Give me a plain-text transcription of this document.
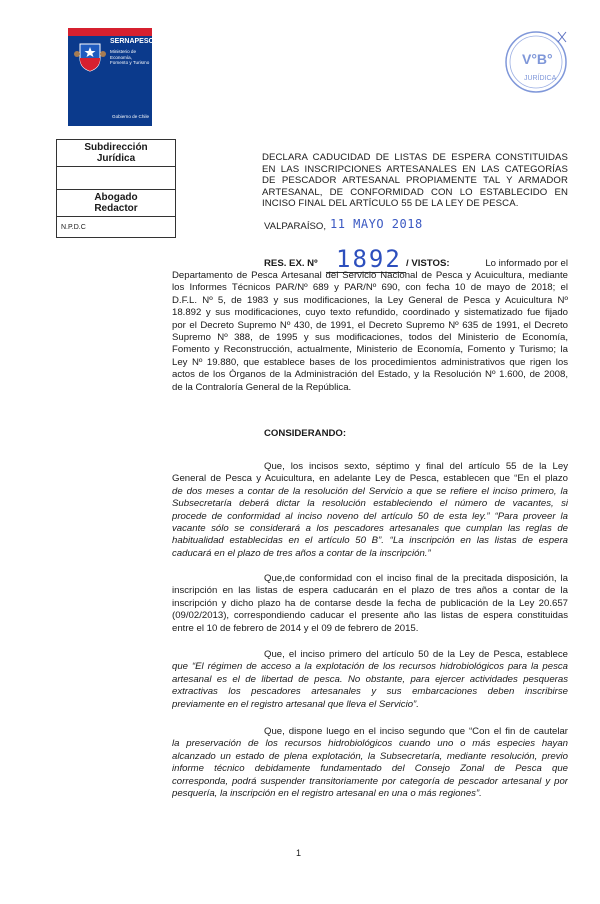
SERNAPESCA
Ministerio de Economía, Fomento y Turismo
Gobierno de Chile
V°B°
JURÍDICA
Subdirección Jurídica

Abogado Redactor
N.P.D.C
DECLARA CADUCIDAD DE LISTAS DE ESPERA CONSTITUIDAS EN LAS INSCRIPCIONES ARTESANALES EN LAS CATEGORÍAS DE PESCADOR ARTESANAL PROPIAMENTE TAL Y ARMADOR ARTESANAL, DE CONFORMIDAD CON LO ESTABLECIDO EN INCISO FINAL DEL ARTÍCULO 55 DE LA LEY DE PESCA.
VALPARAÍSO, 11 MAYO 2018
RES. EX. Nº 1892 / VISTOS:	Lo informado por el
Departamento de Pesca Artesanal del Servicio Nacional de Pesca y Acuicultura, mediante
los Informes Técnicos PAR/Nº 689 y PAR/Nº 690, con fecha 10 de mayo de 2018; el
D.F.L. Nº 5, de 1983 y sus modificaciones, la Ley General de Pesca y Acuicultura Nº
18.892 y sus modificaciones, cuyo texto refundido, coordinado y sistematizado fue fijado
por el Decreto Supremo Nº 430, de 1991, el Decreto Supremo Nº 635 de 1991, el Decreto
Supremo Nº 388, de 1995 y sus modificaciones, todos del Ministerio de Economía,
Fomento y Reconstrucción, actualmente, Ministerio de Economía, Fomento y Turismo; la
Ley Nº 19.880, que establece bases de los procedimientos administrativos que rigen los
actos de los Órganos de la Administración del Estado, y la Resolución Nº 1.600, de 2008,
de la Contraloría General de la República.
CONSIDERANDO:
Que, los incisos sexto, séptimo y final del artículo 55 de la Ley
General de Pesca y Acuicultura, en adelante Ley de Pesca, establecen que “En el plazo
de dos meses a contar de la resolución del Servicio a que se refiere el inciso primero, la
Subsecretaría deberá dictar la resolución estableciendo el número de vacantes, si
procede de conformidad al inciso noveno del artículo 50 de esta ley.” “Para proveer la
vacante sólo se considerará a los pescadores artesanales que cumplan las reglas de
habitualidad establecidas en el artículo 50 B”. “La inscripción en las listas de espera
caducará en el plazo de tres años a contar de la inscripción.”
Que,de conformidad con el inciso final de la precitada disposición, la
inscripción en las listas de espera caducarán en el plazo de tres años a contar de la
inscripción y dicho plazo ha de contarse desde la fecha de publicación de la Ley 20.657
(09/02/2013), correspondiendo caducar el presente año las listas de espera constituidas
entre el 10 de febrero de 2014 y el 09 de febrero de 2015.
Que, el inciso primero del artículo 50 de la Ley de Pesca, establece
que “El régimen de acceso a la explotación de los recursos hidrobiológicos para la pesca
artesanal es el de libertad de pesca. No obstante, para ejercer actividades pesqueras
extractivas los pescadores artesanales y sus embarcaciones deben inscribirse
previamente en el registro artesanal que lleva el Servicio”.
Que, dispone luego en el inciso segundo que “Con el fin de cautelar
la preservación de los recursos hidrobiológicos cuando uno o más especies hayan
alcanzado un estado de plena explotación, la Subsecretaría, mediante resolución, previo
informe técnico debidamente fundamentado del Consejo Zonal de Pesca que
corresponda, podrá suspender transitoriamente por categoría de pescador artesanal y por
pesquería, la inscripción en el registro artesanal en una o más regiones”.
1
